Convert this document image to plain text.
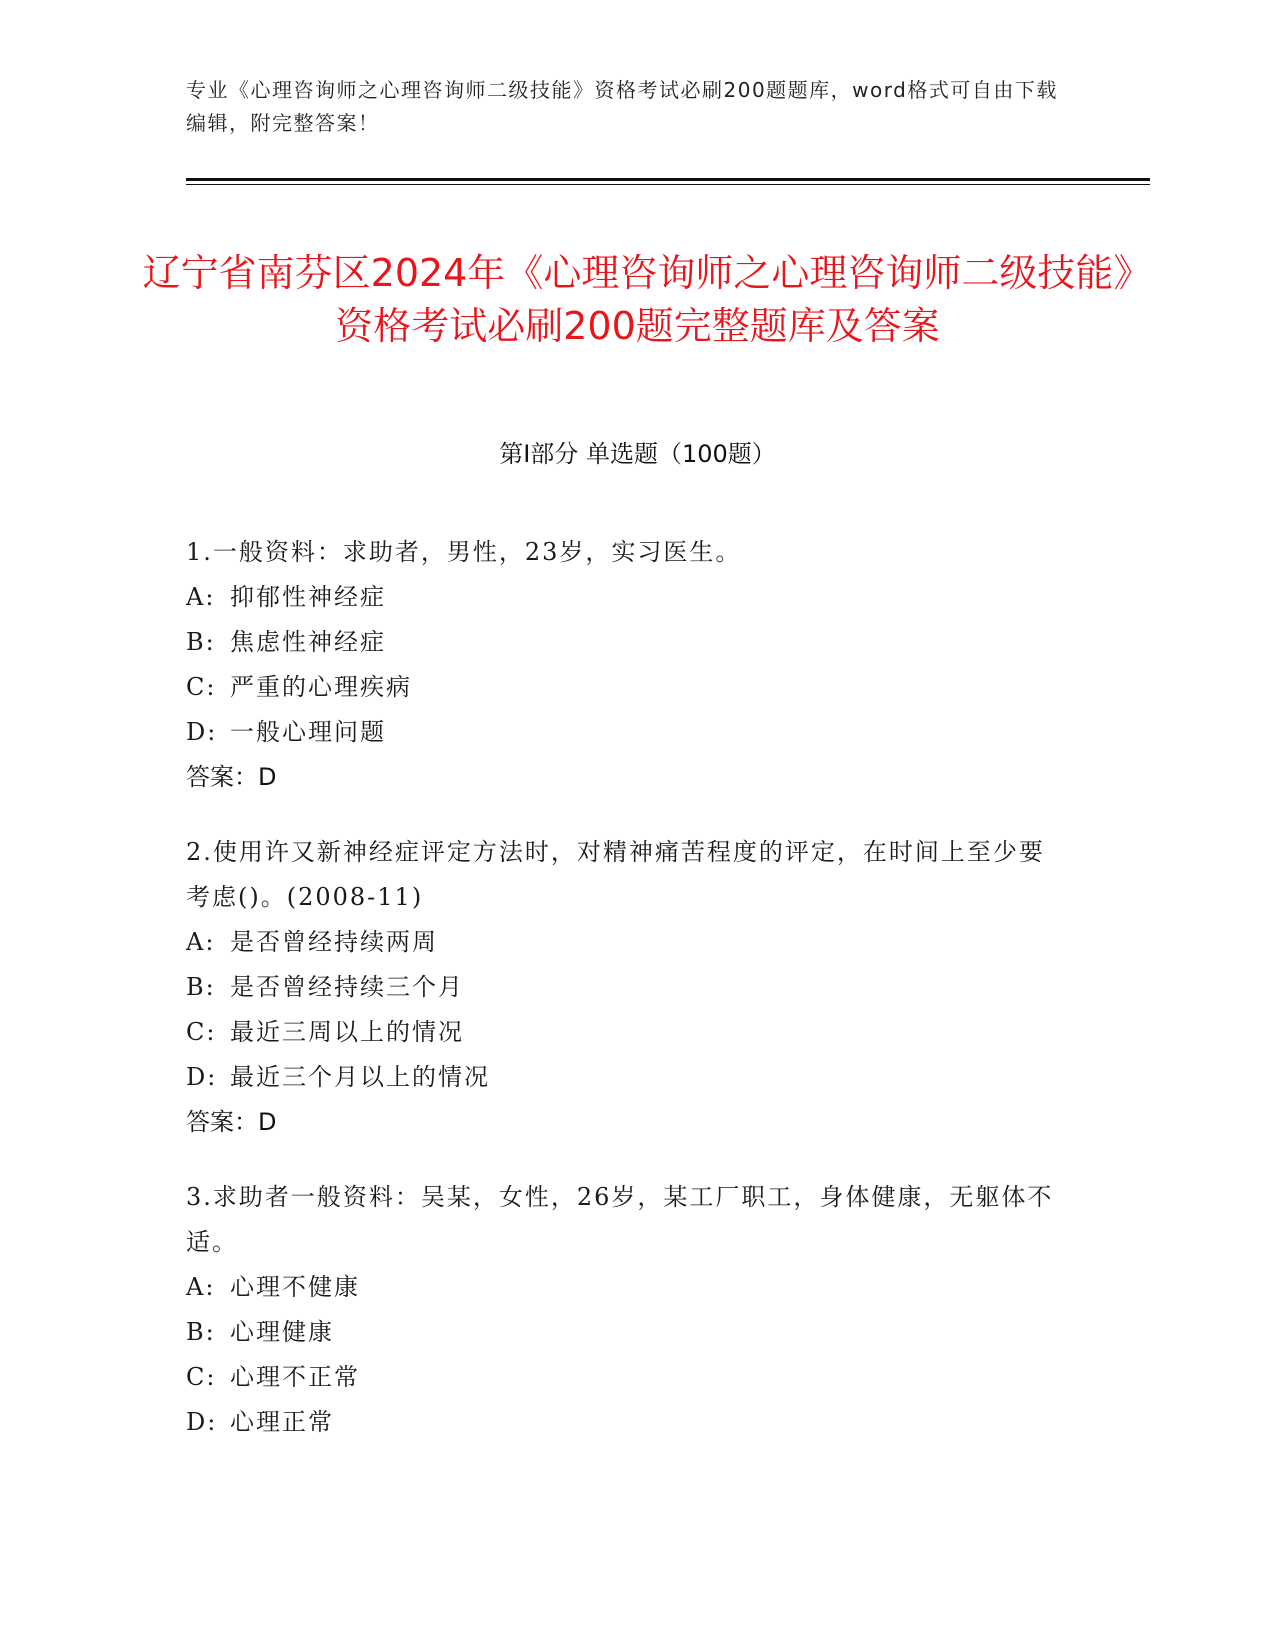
专业《心理咨询师之心理咨询师二级技能》资格考试必刷200题题库，word格式可自由下载编辑，附完整答案！
辽宁省南芬区2024年《心理咨询师之心理咨询师二级技能》资格考试必刷200题完整题库及答案
第Ⅰ部分 单选题（100题）

1.一般资料：求助者，男性，23岁，实习医生。

A: 抑郁性神经症

B: 焦虑性神经症

C: 严重的心理疾病

D: 一般心理问题

答案：D

2.使用许又新神经症评定方法时，对精神痛苦程度的评定，在时间上至少要考虑()。(2008-11)

A: 是否曾经持续两周

B: 是否曾经持续三个月

C: 最近三周以上的情况

D: 最近三个月以上的情况

答案：D

3.求助者一般资料：吴某，女性，26岁，某工厂职工，身体健康，无躯体不适。

A: 心理不健康

B: 心理健康

C: 心理不正常

D: 心理正常
